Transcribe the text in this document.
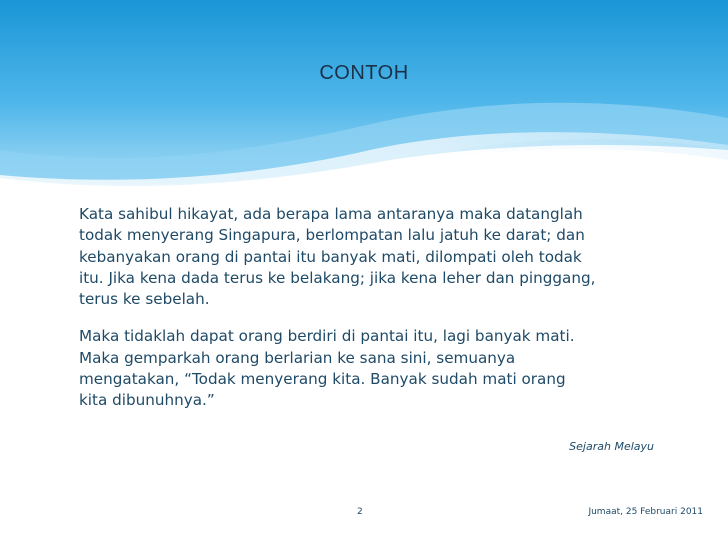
CONTOH

Kata sahibul hikayat, ada berapa lama antaranya maka datanglah
todak menyerang Singapura, berlompatan lalu jatuh ke darat; dan
kebanyakan orang di pantai itu banyak mati, dilompati oleh todak
itu. Jika kena dada terus ke belakang; jika kena leher dan pinggang,
terus ke sebelah.

Maka tidaklah dapat orang berdiri di pantai itu, lagi banyak mati.
Maka gemparkah orang berlarian ke sana sini, semuanya
mengatakan, “Todak menyerang kita. Banyak sudah mati orang
kita dibunuhnya.”

Sejarah Melayu
2	Jumaat, 25 Februari 2011
